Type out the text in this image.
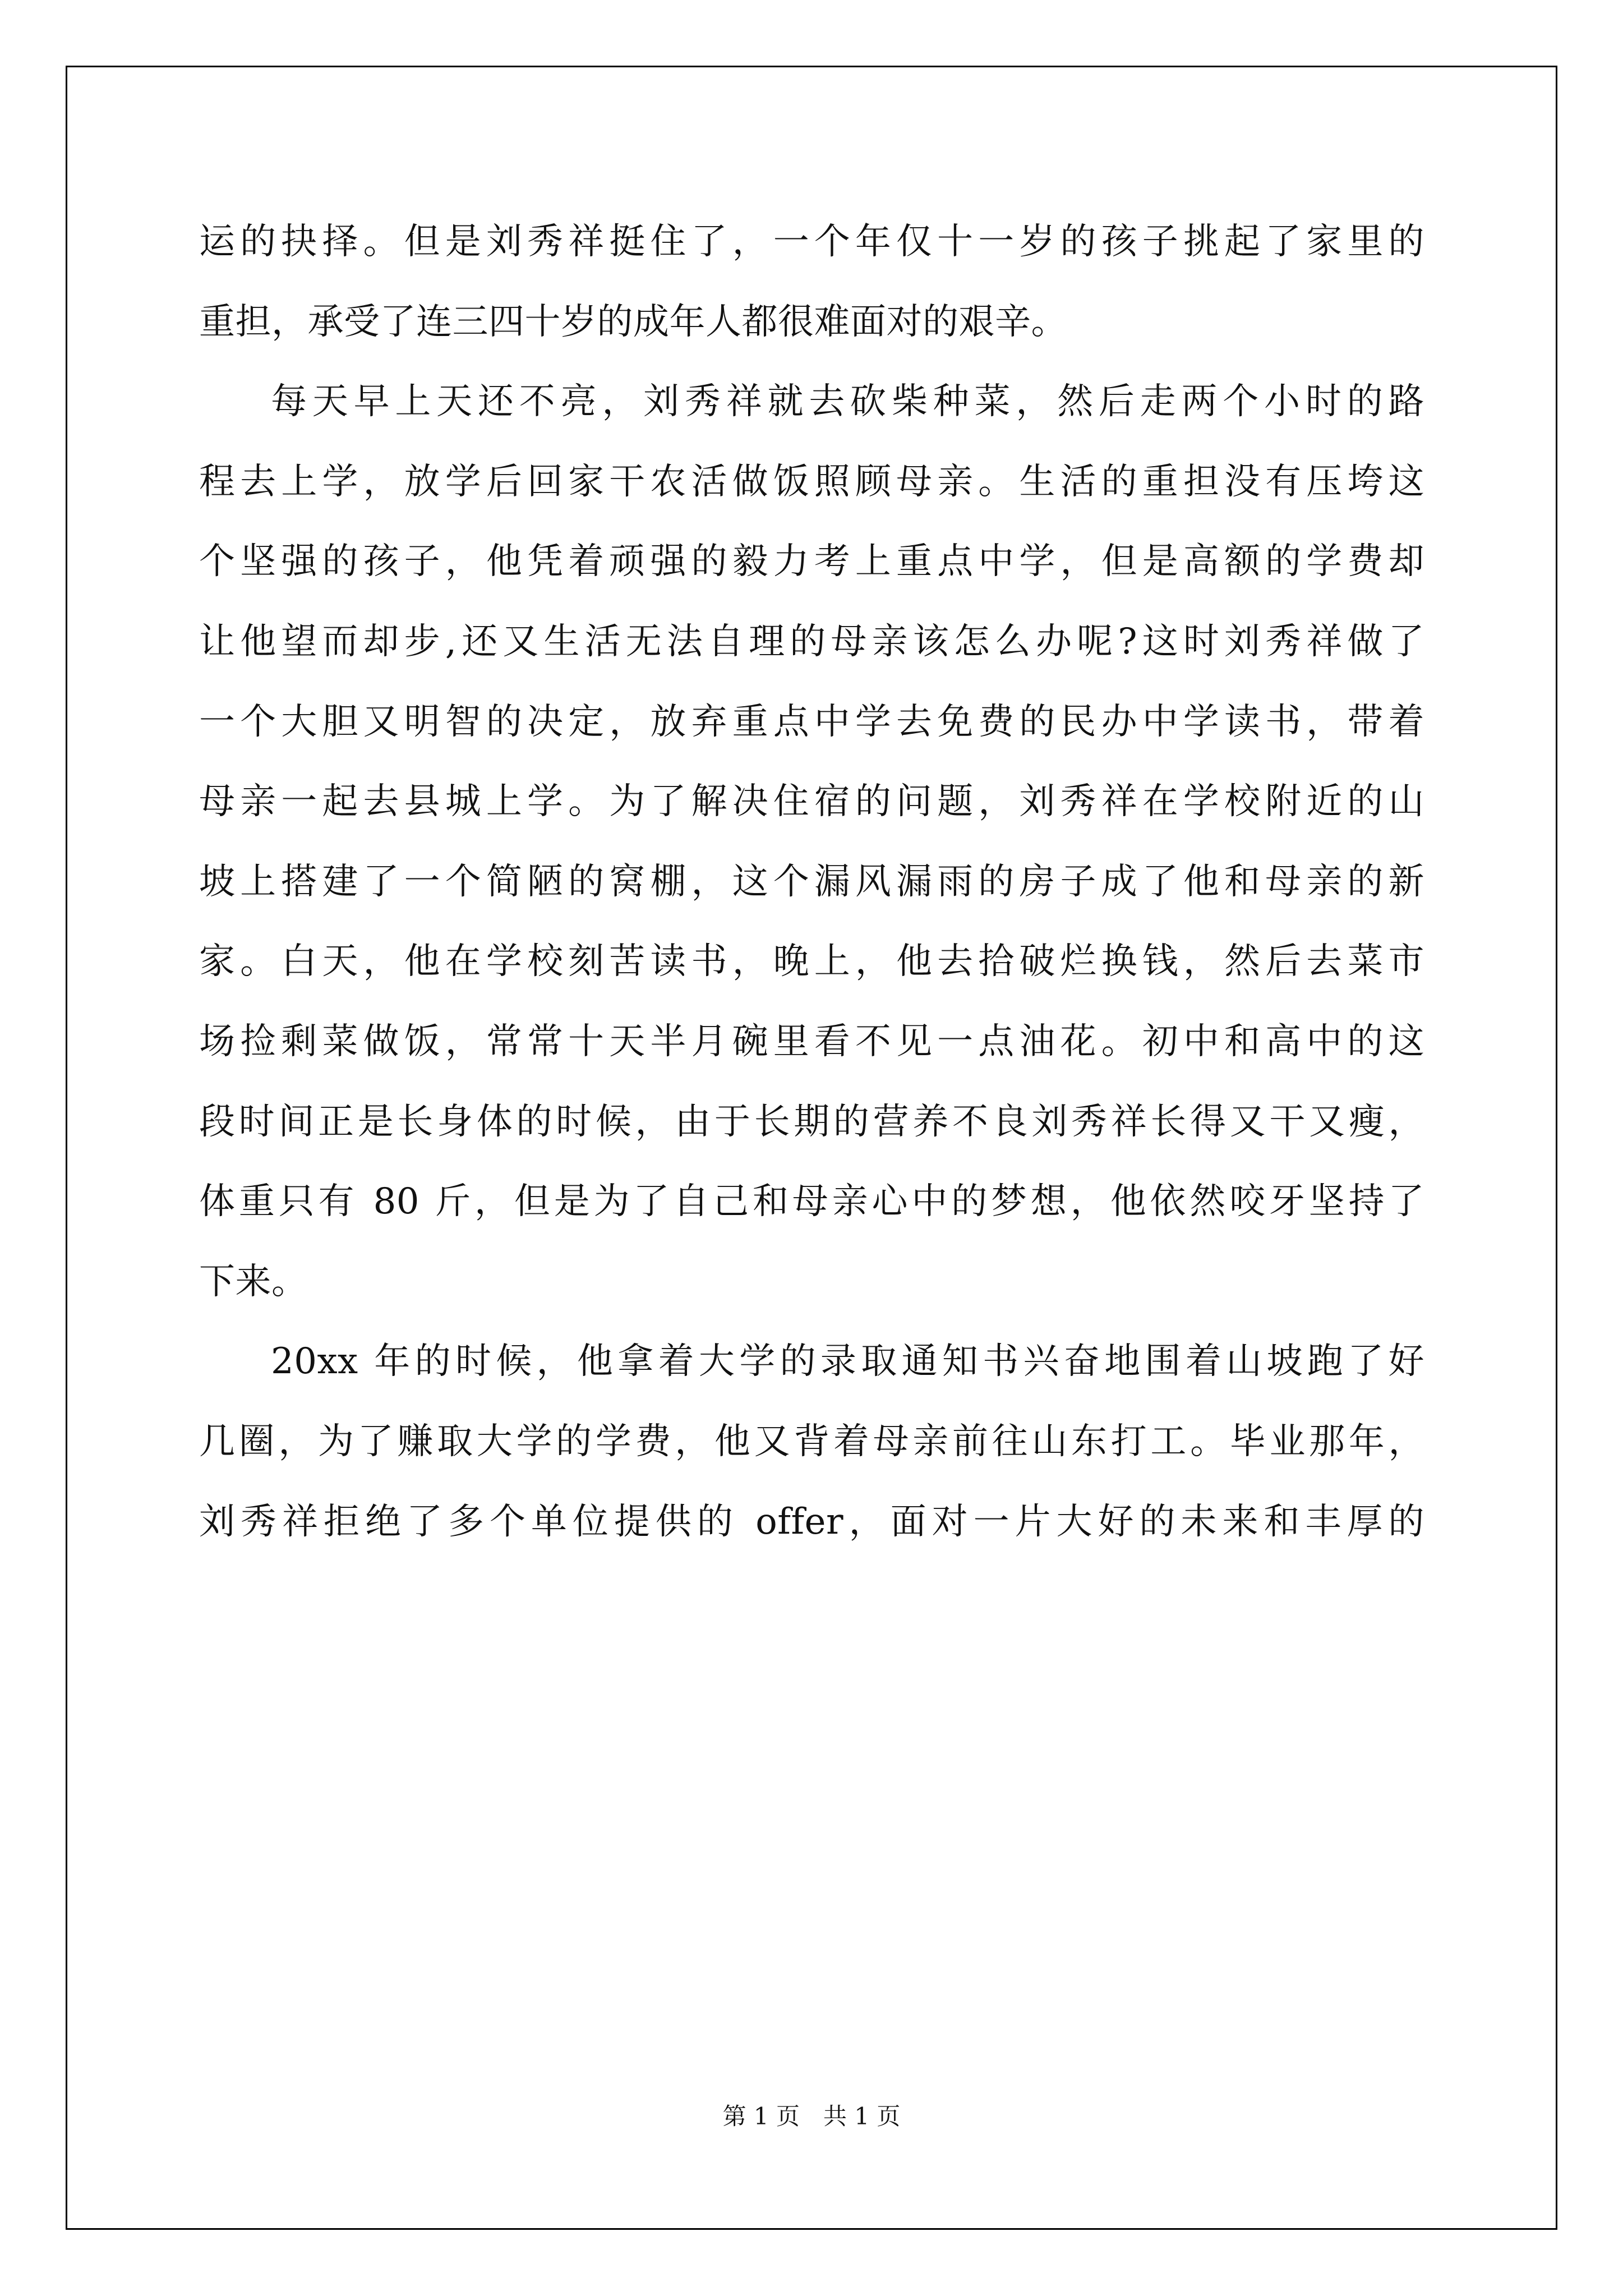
运的抉择。但是刘秀祥挺住了，一个年仅十一岁的孩子挑起了家里的
重担，承受了连三四十岁的成年人都很难面对的艰辛。
每天早上天还不亮，刘秀祥就去砍柴种菜，然后走两个小时的路
程去上学，放学后回家干农活做饭照顾母亲。生活的重担没有压垮这
个坚强的孩子，他凭着顽强的毅力考上重点中学，但是高额的学费却
让他望而却步,还又生活无法自理的母亲该怎么办呢?这时刘秀祥做了
一个大胆又明智的决定，放弃重点中学去免费的民办中学读书，带着
母亲一起去县城上学。为了解决住宿的问题，刘秀祥在学校附近的山
坡上搭建了一个简陋的窝棚，这个漏风漏雨的房子成了他和母亲的新
家。白天，他在学校刻苦读书，晚上，他去拾破烂换钱，然后去菜市
场捡剩菜做饭，常常十天半月碗里看不见一点油花。初中和高中的这
段时间正是长身体的时候，由于长期的营养不良刘秀祥长得又干又瘦，
体重只有 80 斤，但是为了自己和母亲心中的梦想，他依然咬牙坚持了
下来。
20xx 年的时候，他拿着大学的录取通知书兴奋地围着山坡跑了好
几圈，为了赚取大学的学费，他又背着母亲前往山东打工。毕业那年，
刘秀祥拒绝了多个单位提供的 offer，面对一片大好的未来和丰厚的
第 1 页　共 1 页
